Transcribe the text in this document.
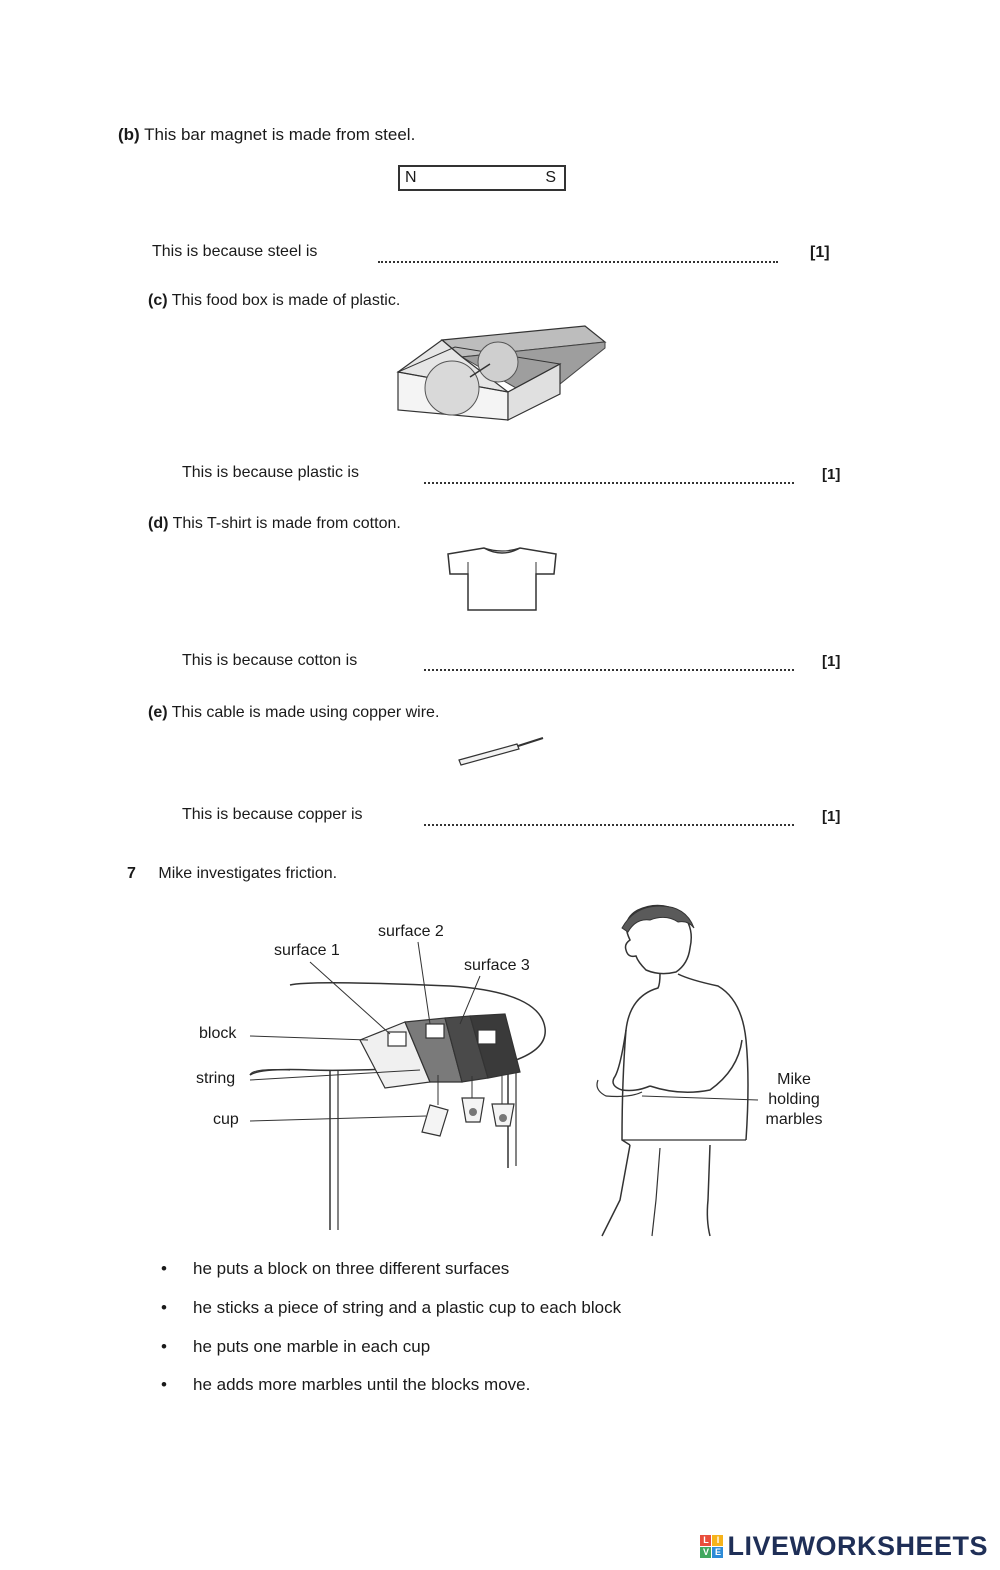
(b) This bar magnet is made from steel.
N	S
This is because steel is	[1]
(c) This food box is made of plastic.
This is because plastic is	[1]
(d) This T-shirt is made from cotton.
This is because cotton is	[1]
(e) This cable is made using copper wire.
This is because copper is	[1]
7 Mike investigates friction.
surface 1
surface 2
surface 3
block
string
cup
Mike
holding
marbles
• he puts a block on three different surfaces
• he sticks a piece of string and a plastic cup to each block
• he puts one marble in each cup
• he adds more marbles until the blocks move.
L I
V E LIVEWORKSHEETS
